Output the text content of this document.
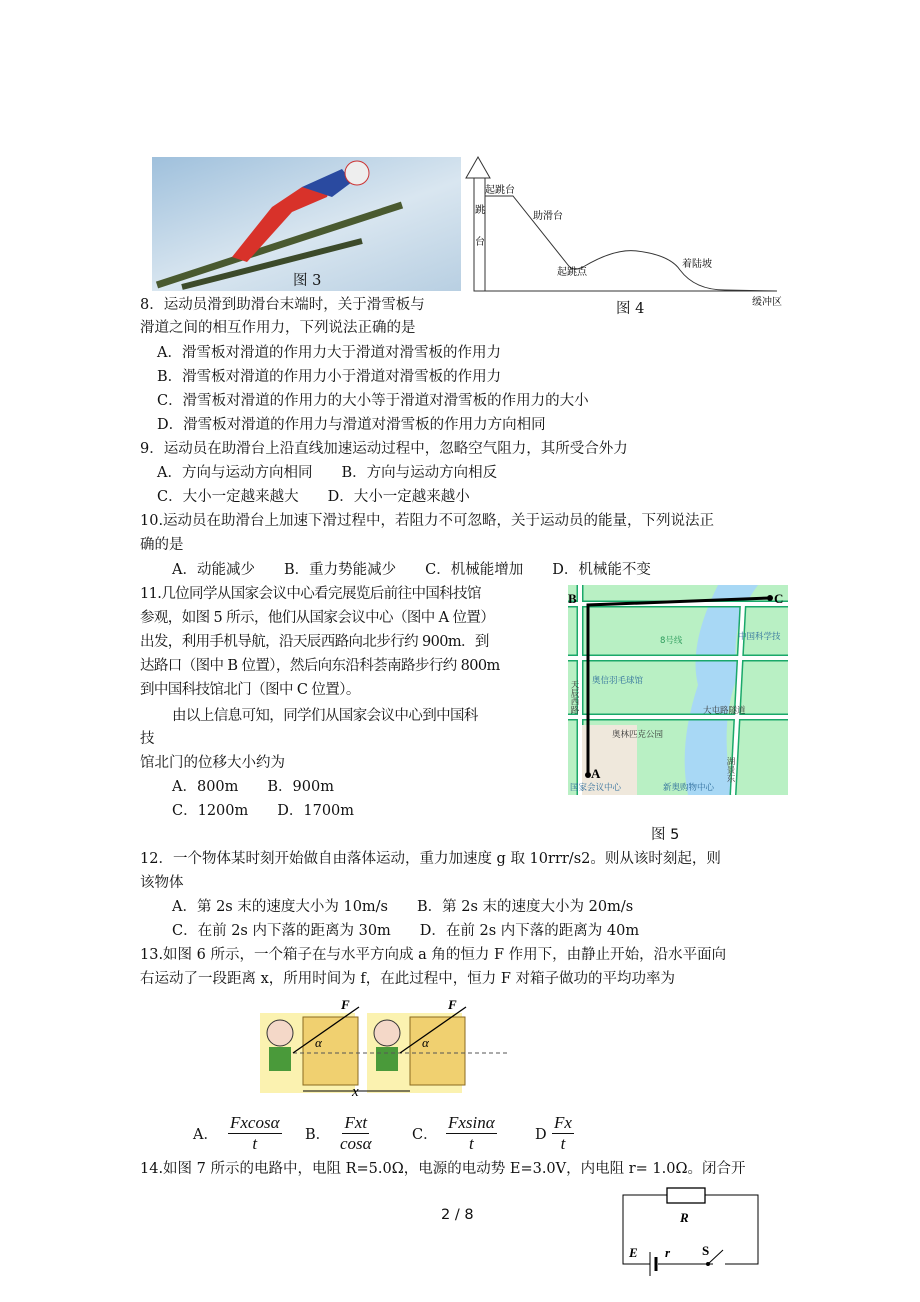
图 3
起跳台
助滑台
起跳点
着陆坡
缓冲区
跳
台
图 4
8．运动员滑到助滑台末端时，关于滑雪板与
滑道之间的相互作用力，下列说法正确的是
A．滑雪板对滑道的作用力大于滑道对滑雪板的作用力
B．滑雪板对滑道的作用力小于滑道对滑雪板的作用力
C．滑雪板对滑道的作用力的大小等于滑道对滑雪板的作用力的大小
D．滑雪板对滑道的作用力与滑道对滑雪板的作用力方向相同
9．运动员在助滑台上沿直线加速运动过程中，忽略空气阻力，其所受合外力
A．方向与运动方向相同　　B．方向与运动方向相反
C．大小一定越来越大　　D．大小一定越来越小
10.运动员在助滑台上加速下滑过程中，若阻力不可忽略，关于运动员的能量，下列说法正
确的是
A．动能减少　　B．重力势能减少　　C．机械能增加　　D．机械能不变
11.几位同学从国家会议中心看完展览后前往中国科技馆
参观，如图 5 所示，他们从国家会议中心（图中 A 位置）
出发，利用手机导航，沿天辰西路向北步行约 900m．到
达路口（图中 B 位置），然后向东沿科荟南路步行约 800m
到中国科技馆北门（图中 C 位置）。
由以上信息可知，同学们从国家会议中心到中国科
技
馆北门的位移大小约为
A．800m　　B．900m
C．1200m　　D．1700m
B
A
C
中国科学技
8号线
奥信羽毛球馆
大屯路隧道
奥林匹克公园
天辰西路
国家会议中心	新奥购物中心
湖景东
图 5
12．一个物体某时刻开始做自由落体运动，重力加速度 g 取 10rrr/s2。则从该时刻起，则
该物体
A．第 2s 末的速度大小为 10m/s　　B．第 2s 末的速度大小为 20m/s
C．在前 2s 内下落的距离为 30m　　D．在前 2s 内下落的距离为 40m
13.如图 6 所示，一个箱子在与水平方向成 a 角的恒力 F 作用下，由静止开始，沿水平面向
右运动了一段距离 x，所用时间为 f，在此过程中，恒力 F 对箱子做功的平均功率为
F	F
α	α
x
A． $\frac{Fxcos\alpha}{t}$ B．
Fxt
cosα	C． $\frac{Fxsin\alpha}{t}$	D $\frac{Fx}{t}$
14.如图 7 所示的电路中，电阻 R=5.0Ω，电源的电动势 E=3.0V，内电阻 r= 1.0Ω。闭合开
2 / 8	R
E r S
